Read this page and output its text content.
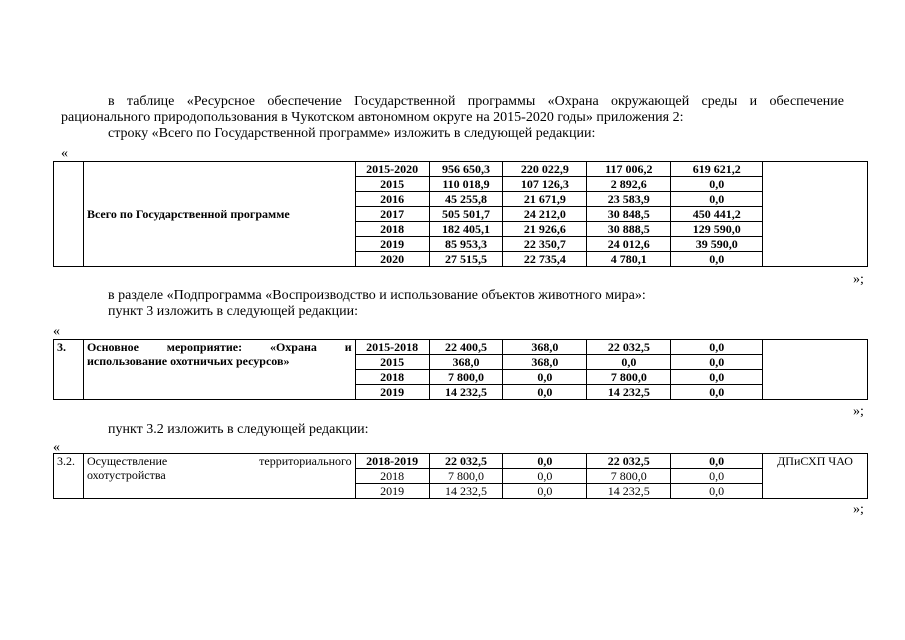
в таблице «Ресурсное обеспечение Государственной программы «Охрана окружающей среды и обеспечение
рационального природопользования в Чукотском автономном округе на 2015-2020 годы» приложения 2:
строку «Всего по Государственной программе» изложить в следующей редакции:
«

	Всего по Государственной программе	2015-2020	956 650,3	220 022,9	117 006,2	619 621,2	
		2015	110 018,9	107 126,3	2 892,6	0,0	
		2016	45 255,8	21 671,9	23 583,9	0,0	
		2017	505 501,7	24 212,0	30 848,5	450 441,2	
		2018	182 405,1	21 926,6	30 888,5	129 590,0	
		2019	85 953,3	22 350,7	24 012,6	39 590,0	
		2020	27 515,5	22 735,4	4 780,1	0,0	
»;
в разделе «Подпрограмма «Воспроизводство и использование объектов животного мира»:
пункт 3 изложить в следующей редакции:
«
3.	Основное мероприятие: «Охрана и
использование охотничьих ресурсов»	2015-2018	22 400,5	368,0	22 032,5	0,0	
		2015	368,0	368,0	0,0	0,0	
		2018	7 800,0	0,0	7 800,0	0,0	
		2019	14 232,5	0,0	14 232,5	0,0	
»;
пункт 3.2 изложить в следующей редакции:
«
3.2.	Осуществление территориального
охотустройства	2018-2019	22 032,5	0,0	22 032,5	0,0	ДПиСХП ЧАО
		2018	7 800,0	0,0	7 800,0	0,0	
		2019	14 232,5	0,0	14 232,5	0,0	
»;
